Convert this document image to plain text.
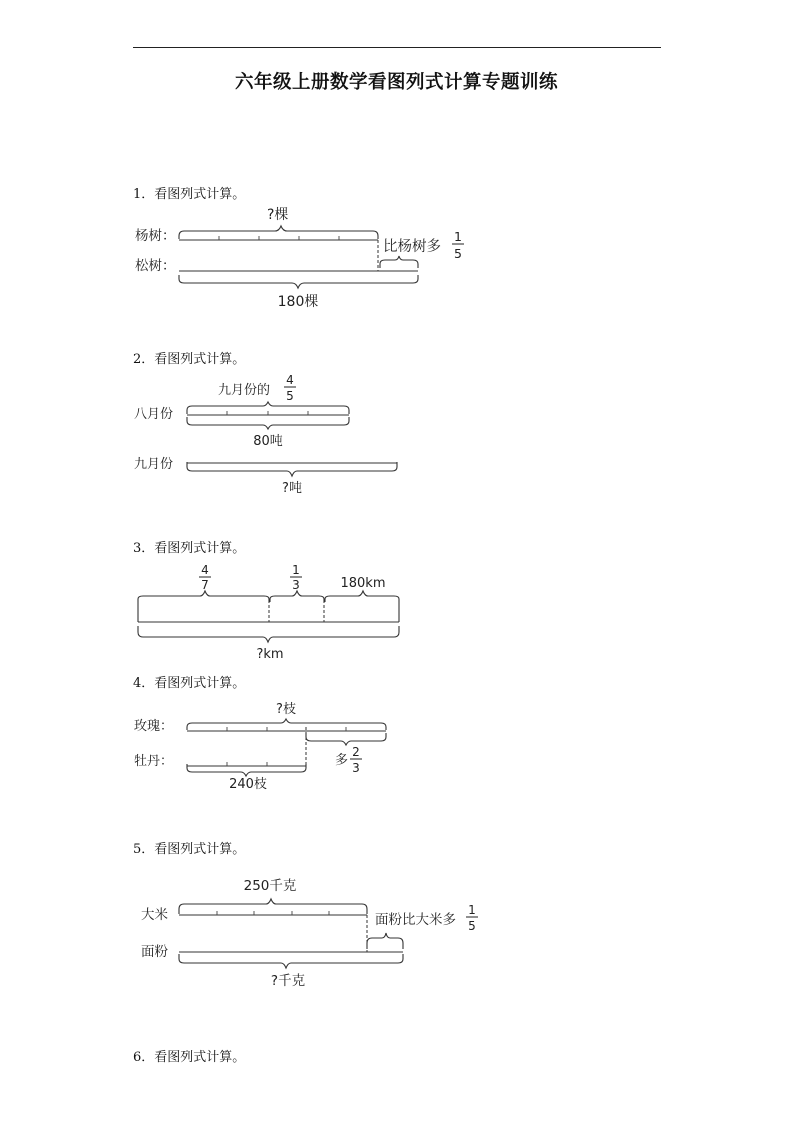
六年级上册数学看图列式计算专题训练
1．看图列式计算。
2．看图列式计算。
3．看图列式计算。
4．看图列式计算。
5．看图列式计算。
6．看图列式计算。
杨树：
松树：
?棵
比杨树多
1
5
180棵
九月份的
4
5
八月份
九月份
80吨
?吨
4
7
1
3	180km
?km
?枝
玫瑰：
牡丹：	多
2
3
240枝
250千克
大米
面粉
面粉比大米多
1
5
?千克
